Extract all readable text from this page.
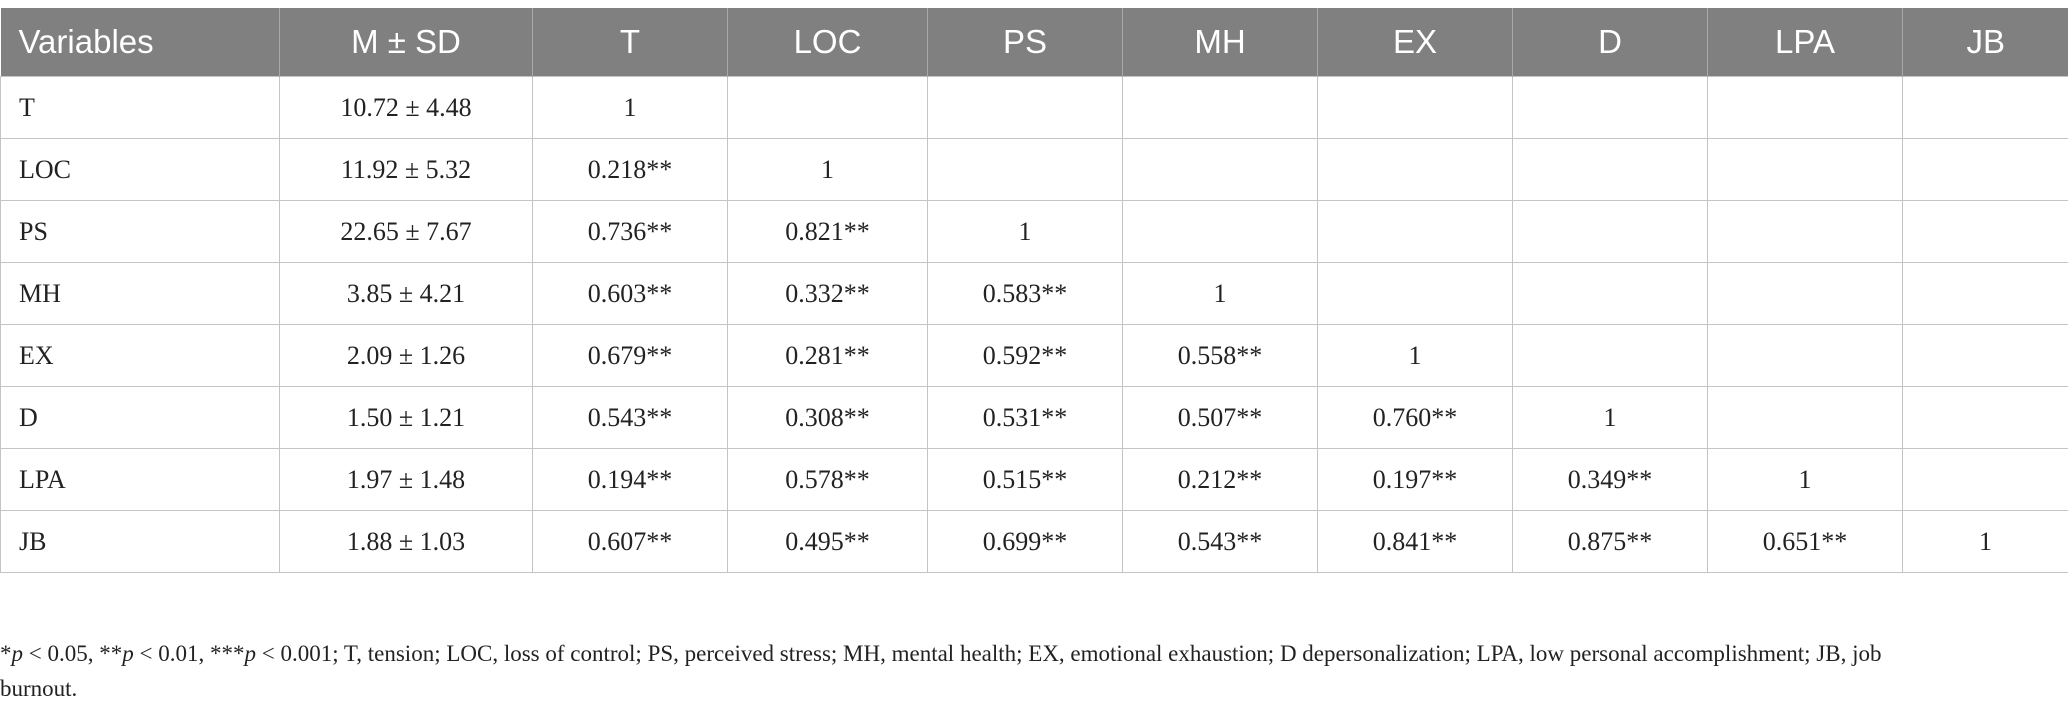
Variables	M ± SD	T	LOC	PS	MH	EX	D	LPA	JB
T	10.72 ± 4.48	1							
LOC	11.92 ± 5.32	0.218**	1						
PS	22.65 ± 7.67	0.736**	0.821**	1					
MH	3.85 ± 4.21	0.603**	0.332**	0.583**	1				
EX	2.09 ± 1.26	0.679**	0.281**	0.592**	0.558**	1			
D	1.50 ± 1.21	0.543**	0.308**	0.531**	0.507**	0.760**	1		
LPA	1.97 ± 1.48	0.194**	0.578**	0.515**	0.212**	0.197**	0.349**	1	
JB	1.88 ± 1.03	0.607**	0.495**	0.699**	0.543**	0.841**	0.875**	0.651**	1
*p < 0.05, **p < 0.01, ***p < 0.001; T, tension; LOC, loss of control; PS, perceived stress; MH, mental health; EX, emotional exhaustion; D depersonalization; LPA, low personal accomplishment; JB, job burnout.
